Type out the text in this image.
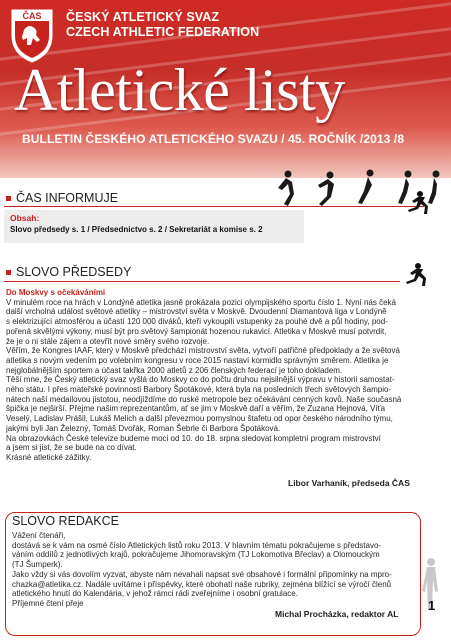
ČAS ČESKÝ ATLETICKÝ SVAZ
CZECH ATHLETIC FEDERATION
Atletické listy
BULLETIN ČESKÉHO ATLETICKÉHO SVAZU / 45. ROČNÍK /2013 /8
ČAS INFORMUJE
Obsah:
Slovo předsedy s. 1 / Předsednictvo s. 2 / Sekretariát a komise s. 2
SLOVO PŘEDSEDY

Do Moskvy s očekáváními

V minulém roce na hrách v Londýně atletika jasně prokázala pozici olympijského sportu číslo 1. Nyní nás čeká

další vrcholná událost světové atletiky – mistrovství světa v Moskvě. Dvoudenní Diamantová liga v Londýně

s elektrizující atmosférou a účastí 120 000 diváků, kteří vykoupili vstupenky za pouhé dvě a půl hodiny, pod-

pořená skvělými výkony, musí být pro světový šampionát hozenou rukavicí. Atletika v Moskvě musí potvrdit,

že je o ni stále zájem a otevřít nové směry svého rozvoje.

Věřím, že Kongres IAAF, který v Moskvě předchází mistrovství světa, vytvoří patřičné předpoklady a že světová

atletika s novým vedením po volebním kongresu v roce 2015 nastaví kormidlo správným směrem. Atletika je

nejglobálnějším sportem a účast takřka 2000 atletů z 206 členských federací je toho dokladem.

Těší mne, že Český atletický svaz vyšlá do Moskvy co do počtu druhou nejsilnější výpravu v historii samostat-

ného státu. I přes mateřské povinnosti Barbory Špotákové, která byla na posledních třech světových šampio-

nátech naší medailovou jistotou, neodjíždíme do ruské metropole bez očekávání cenných kovů. Naše současná

špička je nejširší. Přejme našim reprezentantům, ať se jim v Moskvě daří a věřím, že Zuzana Hejnová, Víťa

Veselý, Ladislav Prášil, Lukáš Melich a další převezmou pomyslnou štafetu od opor českého národního týmu,

jakými byli Jan Železný, Tomáš Dvořák, Roman Šebrle či Barbora Špotáková.

Na obrazovkách České televize budeme moci od 10. do 18. srpna sledovat kompletní program mistrovství

a jsem si jist, že se bude na co dívat.

Krásné atletické zážitky.

Libor Varhaník, předseda ČAS
SLOVO REDAKCE

Vážení čtenáři,

dostává se k vám na osmé číslo Atletických listů roku 2013. V hlavním tématu pokračujeme s představo-

váním oddílů z jednotlivých krajů, pokračujeme Jihomoravským (TJ Lokomotiva Břeclav) a Olomouckým

(TJ Šumperk).

Jako vždy si vás dovolím vyzvat, abyste nám nevahali napsat své obsahové i formální připomínky na mpro-

chazka@atletika.cz. Nadále uvítáme i příspěvky, které obohatí naše rubriky, zejména blížící se výročí členů

atletického hnutí do Kalendária, v jehož rámci rádi zveřejníme i osobní gratulace.

Příjemné čtení přeje

Michal Procházka, redaktor AL
1
